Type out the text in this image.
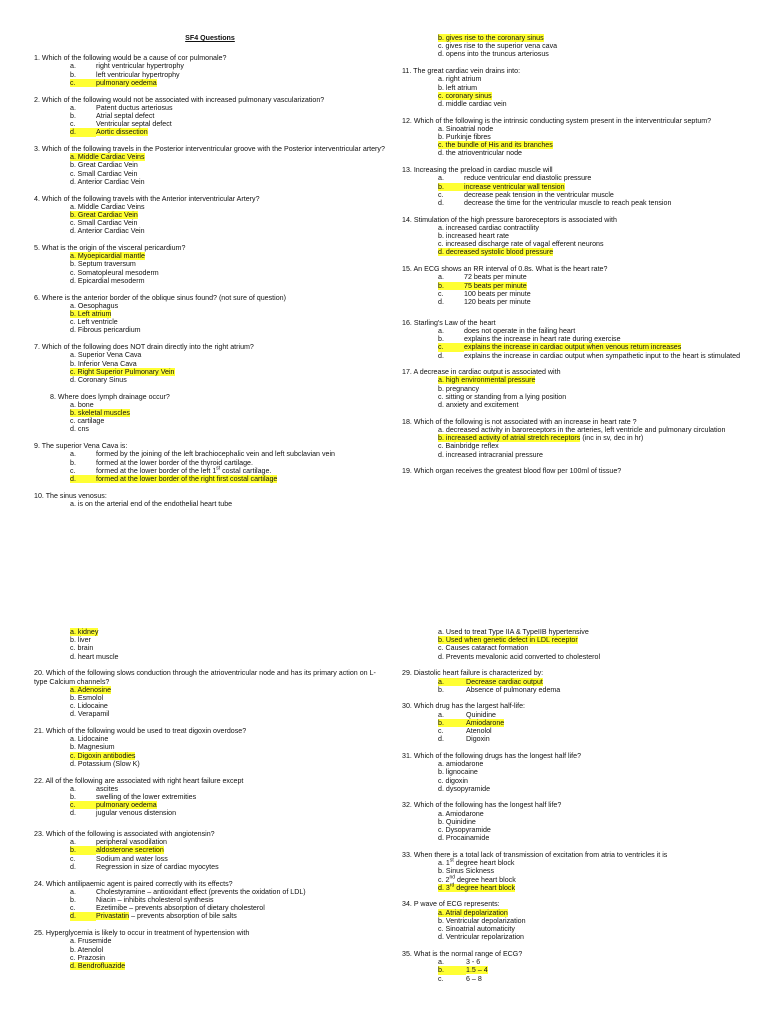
SF4 Questions
1. Which of the following would be a cause of cor pulmonale?
a.	right ventricular hypertrophy
b.	left ventricular hypertrophy
c.	pulmonary oedema
2. Which of the following would not be associated with increased pulmonary vascularization?
a.	Patent ductus arteriosus
b.	Atrial septal defect
c.	Ventricular septal defect
d.	Aortic dissection
3. Which of the following travels in the Posterior interventricular groove with the Posterior interventricular artery?
a. Middle Cardiac Veins
b. Great Cardiac Vein
c. Small Cardiac Vein
d. Anterior Cardiac Vein
4. Which of the following travels with the Anterior interventricular Artery?
a. Middle Cardiac Veins
b. Great Cardiac Vein
c. Small Cardiac Vein
d. Anterior Cardiac Vein
5. What is the origin of the visceral pericardium?
a. Myoepicardial mantle
b. Septum traversum
c. Somatopleural mesoderm
d. Epicardial mesoderm
6. Where is the anterior border of the oblique sinus found? (not sure of question)
a. Oesophagus
b. Left atrium
c. Left ventricle
d. Fibrous pericardium
7. Which of the following does NOT drain directly into the right atrium?
a. Superior Vena Cava
b. Inferior Vena Cava
c. Right Superior Pulmonary Vein
d. Coronary Sinus
8. Where does lymph drainage occur?
a. bone
b. skeletal muscles
c. cartilage
d. cns
9. The superior Vena Cava is:
a.	formed by the joining of the left brachiocephalic vein and left subclavian vein
b.	formed at the lower border of the thyroid cartilage.
c.	formed at the lower border of the left 1st costal cartilage.
d.	formed at the lower border of the right first costal cartilage
10. The sinus venosus:
a. is on the arterial end of the endothelial heart tube
b. gives rise to the coronary sinus
c. gives rise to the superior vena cava
d. opens into the truncus arteriosus
11. The great cardiac vein drains into:
a. right atrium
b. left atrium
c. coronary sinus
d. middle cardiac vein
12. Which of the following is the intrinsic conducting system present in the interventricular septum?
a. Sinoatrial node
b. Purkinje fibres
c. the bundle of His and its branches
d. the atrioventricular node
13. Increasing the preload in cardiac muscle will
a.	reduce ventricular end diastolic pressure
b.	increase ventricular wall tension
c.	decrease peak tension in the ventricular muscle
d.	decrease the time for the ventricular muscle to reach peak tension
14. Stimulation of the high pressure baroreceptors is associated with
a. increased cardiac contractility
b. increased heart rate
c. increased discharge rate of vagal efferent neurons
d. decreased systolic blood pressure
15. An ECG shows an RR interval of 0.8s. What is the heart rate?
a.	72 beats per minute
b.	75 beats per minute
c.	100 beats per minute
d.	120 beats per minute
16. Starling's Law of the heart
a.	does not operate in the failing heart
b.	explains the increase in heart rate during exercise
c.	explains the increase in cardiac output when venous return increases
d.	explains the increase in cardiac output when sympathetic input to the heart is stimulated
17. A decrease in cardiac output is associated with
a. high environmental pressure
b. pregnancy
c. sitting or standing from a lying position
d. anxiety and excitement
18. Which of the following is not associated with an increase in heart rate ?
a. decreased activity in baroreceptors in the arteries, left ventricle and pulmonary circulation
b. increased activity of atrial stretch receptors (inc in sv, dec in hr)
c. Bainbridge reflex
d. increased intracranial pressure
19. Which organ receives the greatest blood flow per 100ml of tissue?
a. kidney
b. liver
c. brain
d. heart muscle
20. Which of the following slows conduction through the atrioventricular node and has its primary action on L-type Calcium channels?
a. Adenosine
b. Esmolol
c. Lidocaine
d. Verapamil
21. Which of the following would be used to treat digoxin overdose?
a. Lidocaine
b. Magnesium
c. Digoxin antibodies
d. Potassium (Slow K)
22. All of the following are associated with right heart failure except
a.	ascites
b.	swelling of the lower extremities
c.	pulmonary oedema
d.	jugular venous distension
23. Which of the following is associated with angiotensin?
a.	peripheral vasodilation
b.	aldosterone secretion
c.	Sodium and water loss
d.	Regression in size of cardiac myocytes
24. Which antilipaemic agent is paired correctly with its effects?
a.	Cholestyramine – antioxidant effect (prevents the oxidation of LDL)
b.	Niacin – inhibits cholesterol synthesis
c.	Ezetimibe – prevents absorption of dietary cholesterol
d.	Privastatin – prevents absorption of bile salts
25. Hyperglycemia is likely to occur in treatment of hypertension with
a. Frusemide
b. Atenolol
c. Prazosin
d. Bendrofluazide
a. Used to treat Type IIA & TypeIIB hypertensive
b. Used when genetic defect in LDL receptor
c. Causes cataract formation
d. Prevents mevalonic acid converted to cholesterol
29. Diastolic heart failure is characterized by:
a.	Decrease cardiac output
b.	Absence of pulmonary edema
30. Which drug has the largest half-life:
a.	Quinidine
b.	Amiodarone
c.	Atenolol
d.	Digoxin
31. Which of the following drugs has the longest half life?
a. amiodarone
b. lignocaine
c. digoxin
d. dysopyramide
32. Which of the following has the longest half life?
a. Amiodarone
b. Quinidine
c. Dysopyramide
d. Procainamide
33. When there is a total lack of transmission of excitation from atria to ventricles it is
a. 1st degree heart block
b. Sinus Sickness
c. 2nd degree heart block
d. 3rd degree heart block
34. P wave of ECG represents:
a. Atrial depolarization
b. Ventricular depolarization
c. Sinoatrial automaticity
d. Ventricular repolarization
35. What is the normal range of ECG?
a.	3 - 6
b.	1.5 – 4
c.	6 – 8
